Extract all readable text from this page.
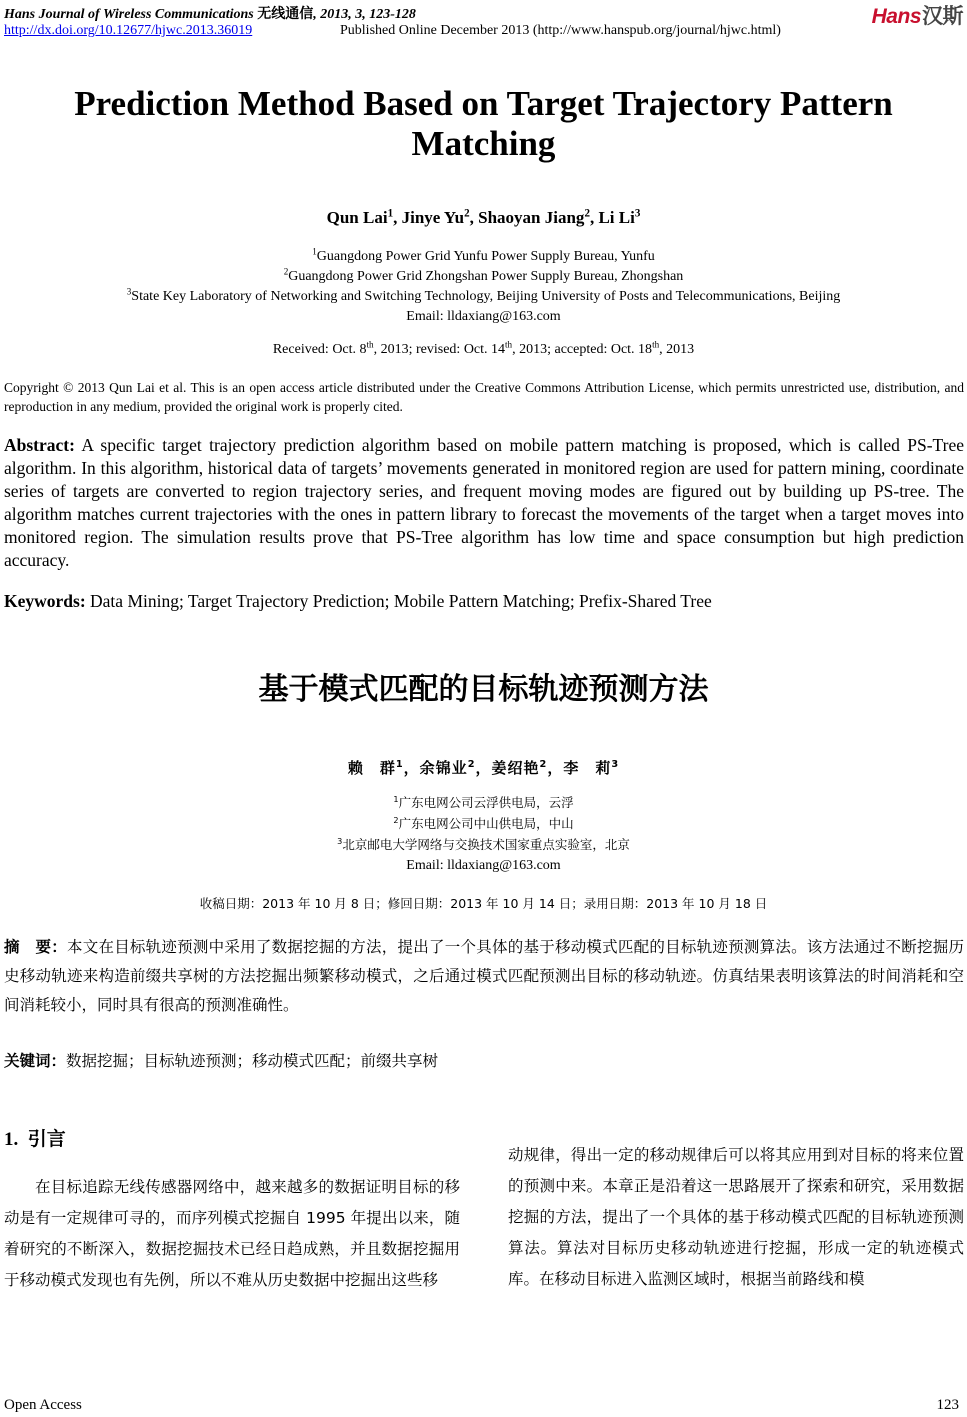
Hans Journal of Wireless Communications 无线通信, 2013, 3, 123-128
http://dx.doi.org/10.12677/hjwc.2013.36019	Published Online December 2013 (http://www.hanspub.org/journal/hjwc.html)
Hans汉斯
Prediction Method Based on Target Trajectory Pattern
Matching
Qun Lai$^1$, Jinye Yu$^2$, Shaoyan Jiang$^2$, Li Li$^3$
$^1$Guangdong Power Grid Yunfu Power Supply Bureau, Yunfu
$^2$Guangdong Power Grid Zhongshan Power Supply Bureau, Zhongshan
$^3$State Key Laboratory of Networking and Switching Technology, Beijing University of Posts and Telecommunications, Beijing
Email: lldaxiang@163.com
Received: Oct. 8th, 2013; revised: Oct. 14th, 2013; accepted: Oct. 18th, 2013
Copyright © 2013 Qun Lai et al. This is an open access article distributed under the Creative Commons Attribution License, which permits unrestricted use, distribution, and reproduction in any medium, provided the original work is properly cited.
Abstract: A specific target trajectory prediction algorithm based on mobile pattern matching is proposed, which is called PS-Tree algorithm. In this algorithm, historical data of targets’ movements generated in monitored region are used for pattern mining, coordinate series of targets are converted to region trajectory series, and frequent moving modes are figured out by building up PS-tree. The algorithm matches current trajectories with the ones in pattern library to forecast the movements of the target when a target moves into monitored region. The simulation results prove that PS-Tree algorithm has low time and space consumption but high prediction accuracy.
Keywords: Data Mining; Target Trajectory Prediction; Mobile Pattern Matching; Prefix-Shared Tree
基于模式匹配的目标轨迹预测方法
赖　群$^1$，余锦业$^2$，姜绍艳$^2$，李　莉$^3$
$^1$广东电网公司云浮供电局，云浮
$^2$广东电网公司中山供电局，中山
$^3$北京邮电大学网络与交换技术国家重点实验室，北京
Email: lldaxiang@163.com
收稿日期：2013 年 10 月 8 日；修回日期：2013 年 10 月 14 日；录用日期：2013 年 10 月 18 日
摘　要：本文在目标轨迹预测中采用了数据挖掘的方法，提出了一个具体的基于移动模式匹配的目标轨迹预测算法。该方法通过不断挖掘历史移动轨迹来构造前缀共享树的方法挖掘出频繁移动模式，之后通过模式匹配预测出目标的移动轨迹。仿真结果表明该算法的时间消耗和空间消耗较小，同时具有很高的预测准确性。
关键词：数据挖掘；目标轨迹预测；移动模式匹配；前缀共享树
1. 引言
在目标追踪无线传感器网络中，越来越多的数据证明目标的移动是有一定规律可寻的，而序列模式挖掘自 1995 年提出以来，随着研究的不断深入，数据挖掘技术已经日趋成熟，并且数据挖掘用于移动模式发现也有先例，所以不难从历史数据中挖掘出这些移
动规律，得出一定的移动规律后可以将其应用到对目标的将来位置的预测中来。本章正是沿着这一思路展开了探索和研究，采用数据挖掘的方法，提出了一个具体的基于移动模式匹配的目标轨迹预测算法。算法对目标历史移动轨迹进行挖掘，形成一定的轨迹模式库。在移动目标进入监测区域时，根据当前路线和模
Open Access	123
